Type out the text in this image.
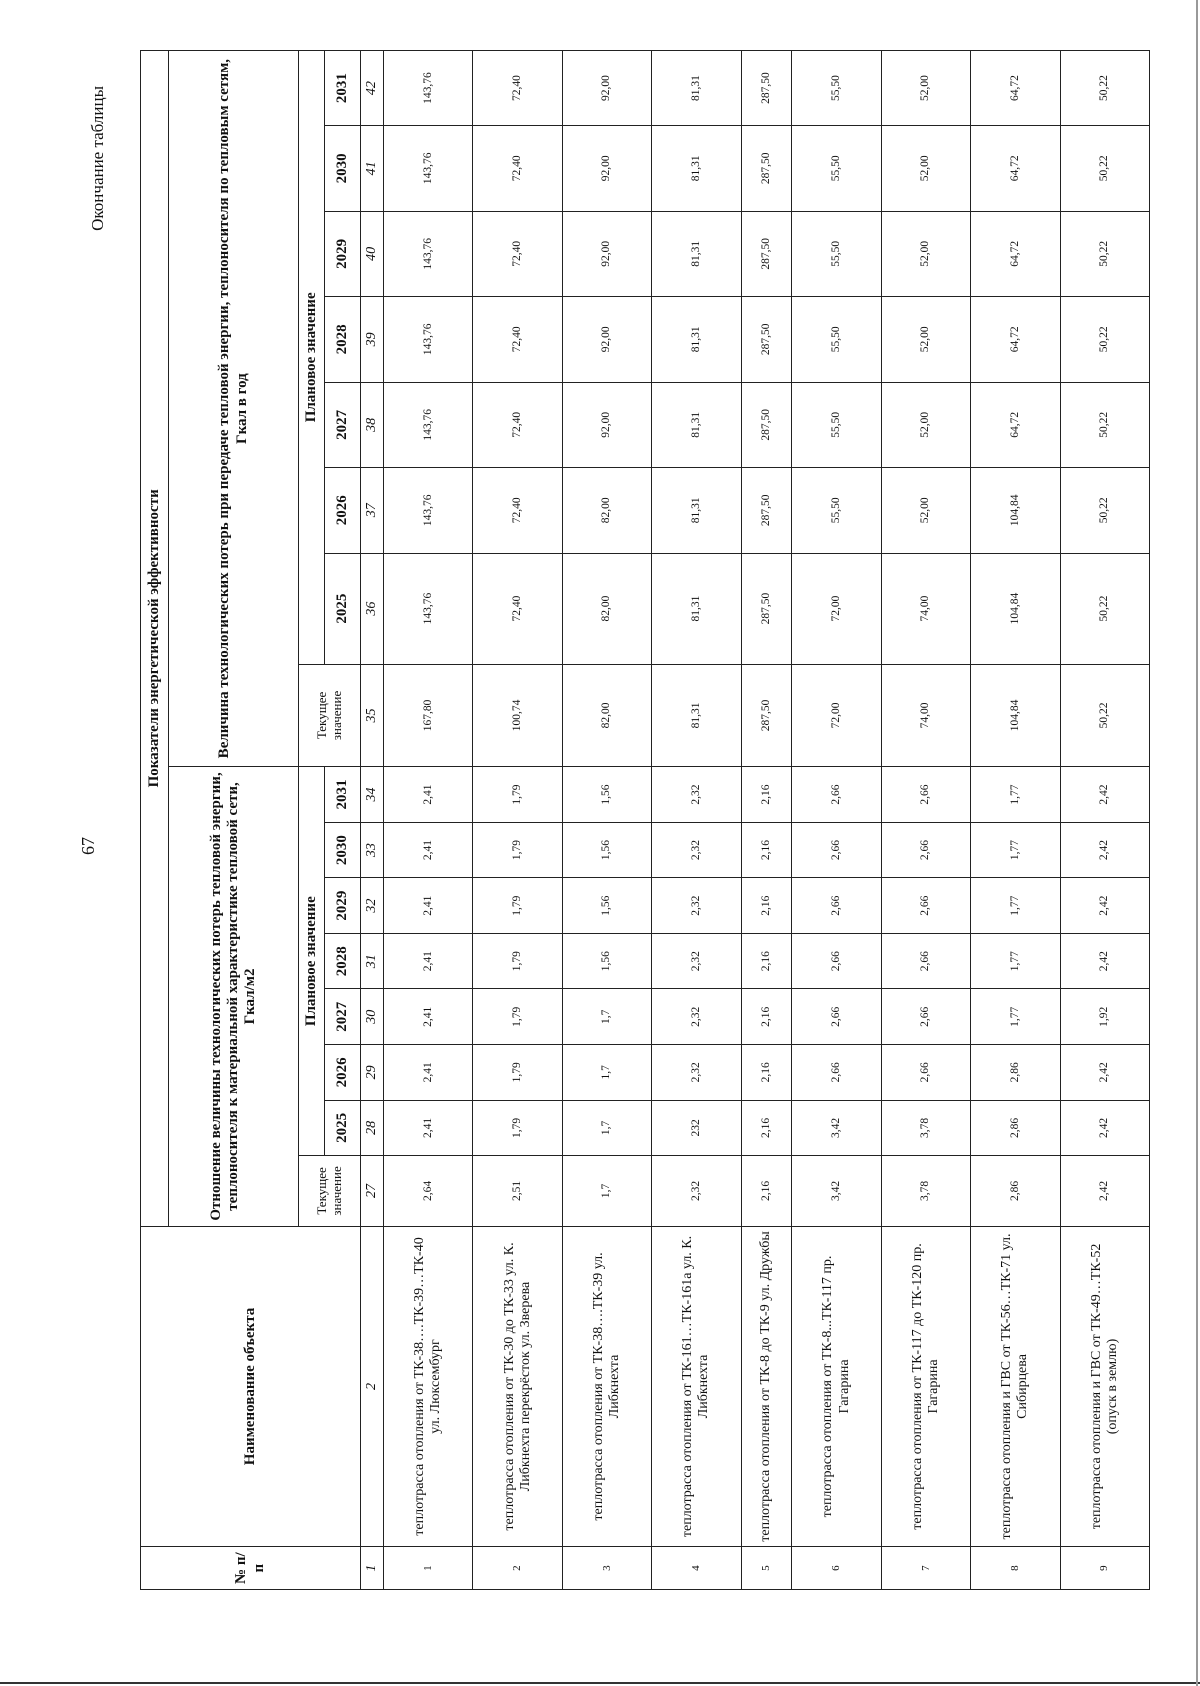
67
Окончание таблицы
№ п/п	Наименование объекта	Показатели энергетической эффективности															
		Отношение величины технологических потерь тепловой энергии, теплоносителя к материальной характеристике тепловой сети, Гкал/м2								Величина технологических потерь при передаче тепловой энергии, теплоносителя по тепловым сетям, Гкал в год							
		Текущее значение	Плановое значение							Текущее значение	Плановое значение						
			2025	2026	2027	2028	2029	2030	2031		2025	2026	2027	2028	2029	2030	2031
1	2	27	28	29	30	31	32	33	34	35	36	37	38	39	40	41	42
1	теплотрасса отопления от ТК-38….ТК-39…ТК-40 ул. Люксембург	2,64	2,41	2,41	2,41	2,41	2,41	2,41	2,41	167,80	143,76	143,76	143,76	143,76	143,76	143,76	143,76
2	теплотрасса отопления от ТК-30 до ТК-33 ул. К. Либкнехта перекрёсток ул. Зверева	2,51	1,79	1,79	1,79	1,79	1,79	1,79	1,79	100,74	72,40	72,40	72,40	72,40	72,40	72,40	72,40
3	теплотрасса отопления от ТК-38….ТК-39 ул. Либкнехта	1,7	1,7	1,7	1,7	1,56	1,56	1,56	1,56	82,00	82,00	82,00	92,00	92,00	92,00	92,00	92,00
4	теплотрасса отопления от ТК-161…ТК-161а ул. К. Либкнехта	2,32	232	2,32	2,32	2,32	2,32	2,32	2,32	81,31	81,31	81,31	81,31	81,31	81,31	81,31	81,31
5	теплотрасса отопления от ТК-8 до ТК-9 ул. Дружбы	2,16	2,16	2,16	2,16	2,16	2,16	2,16	2,16	287,50	287,50	287,50	287,50	287,50	287,50	287,50	287,50
6	теплотрасса отопления от ТК-8...ТК-117 пр. Гагарина	3,42	3,42	2,66	2,66	2,66	2,66	2,66	2,66	72,00	72,00	55,50	55,50	55,50	55,50	55,50	55,50
7	теплотрасса отопления от ТК-117 до ТК-120 пр. Гагарина	3,78	3,78	2,66	2,66	2,66	2,66	2,66	2,66	74,00	74,00	52,00	52,00	52,00	52,00	52,00	52,00
8	теплотрасса отопления и ГВС от ТК-56…ТК-71 ул. Сибирцева	2,86	2,86	2,86	1,77	1,77	1,77	1,77	1,77	104,84	104,84	104,84	64,72	64,72	64,72	64,72	64,72
9	теплотрасса отопления и ГВС от ТК-49…ТК-52 (опуск в землю)	2,42	2,42	2,42	1,92	2,42	2,42	2,42	2,42	50,22	50,22	50,22	50,22	50,22	50,22	50,22	50,22
